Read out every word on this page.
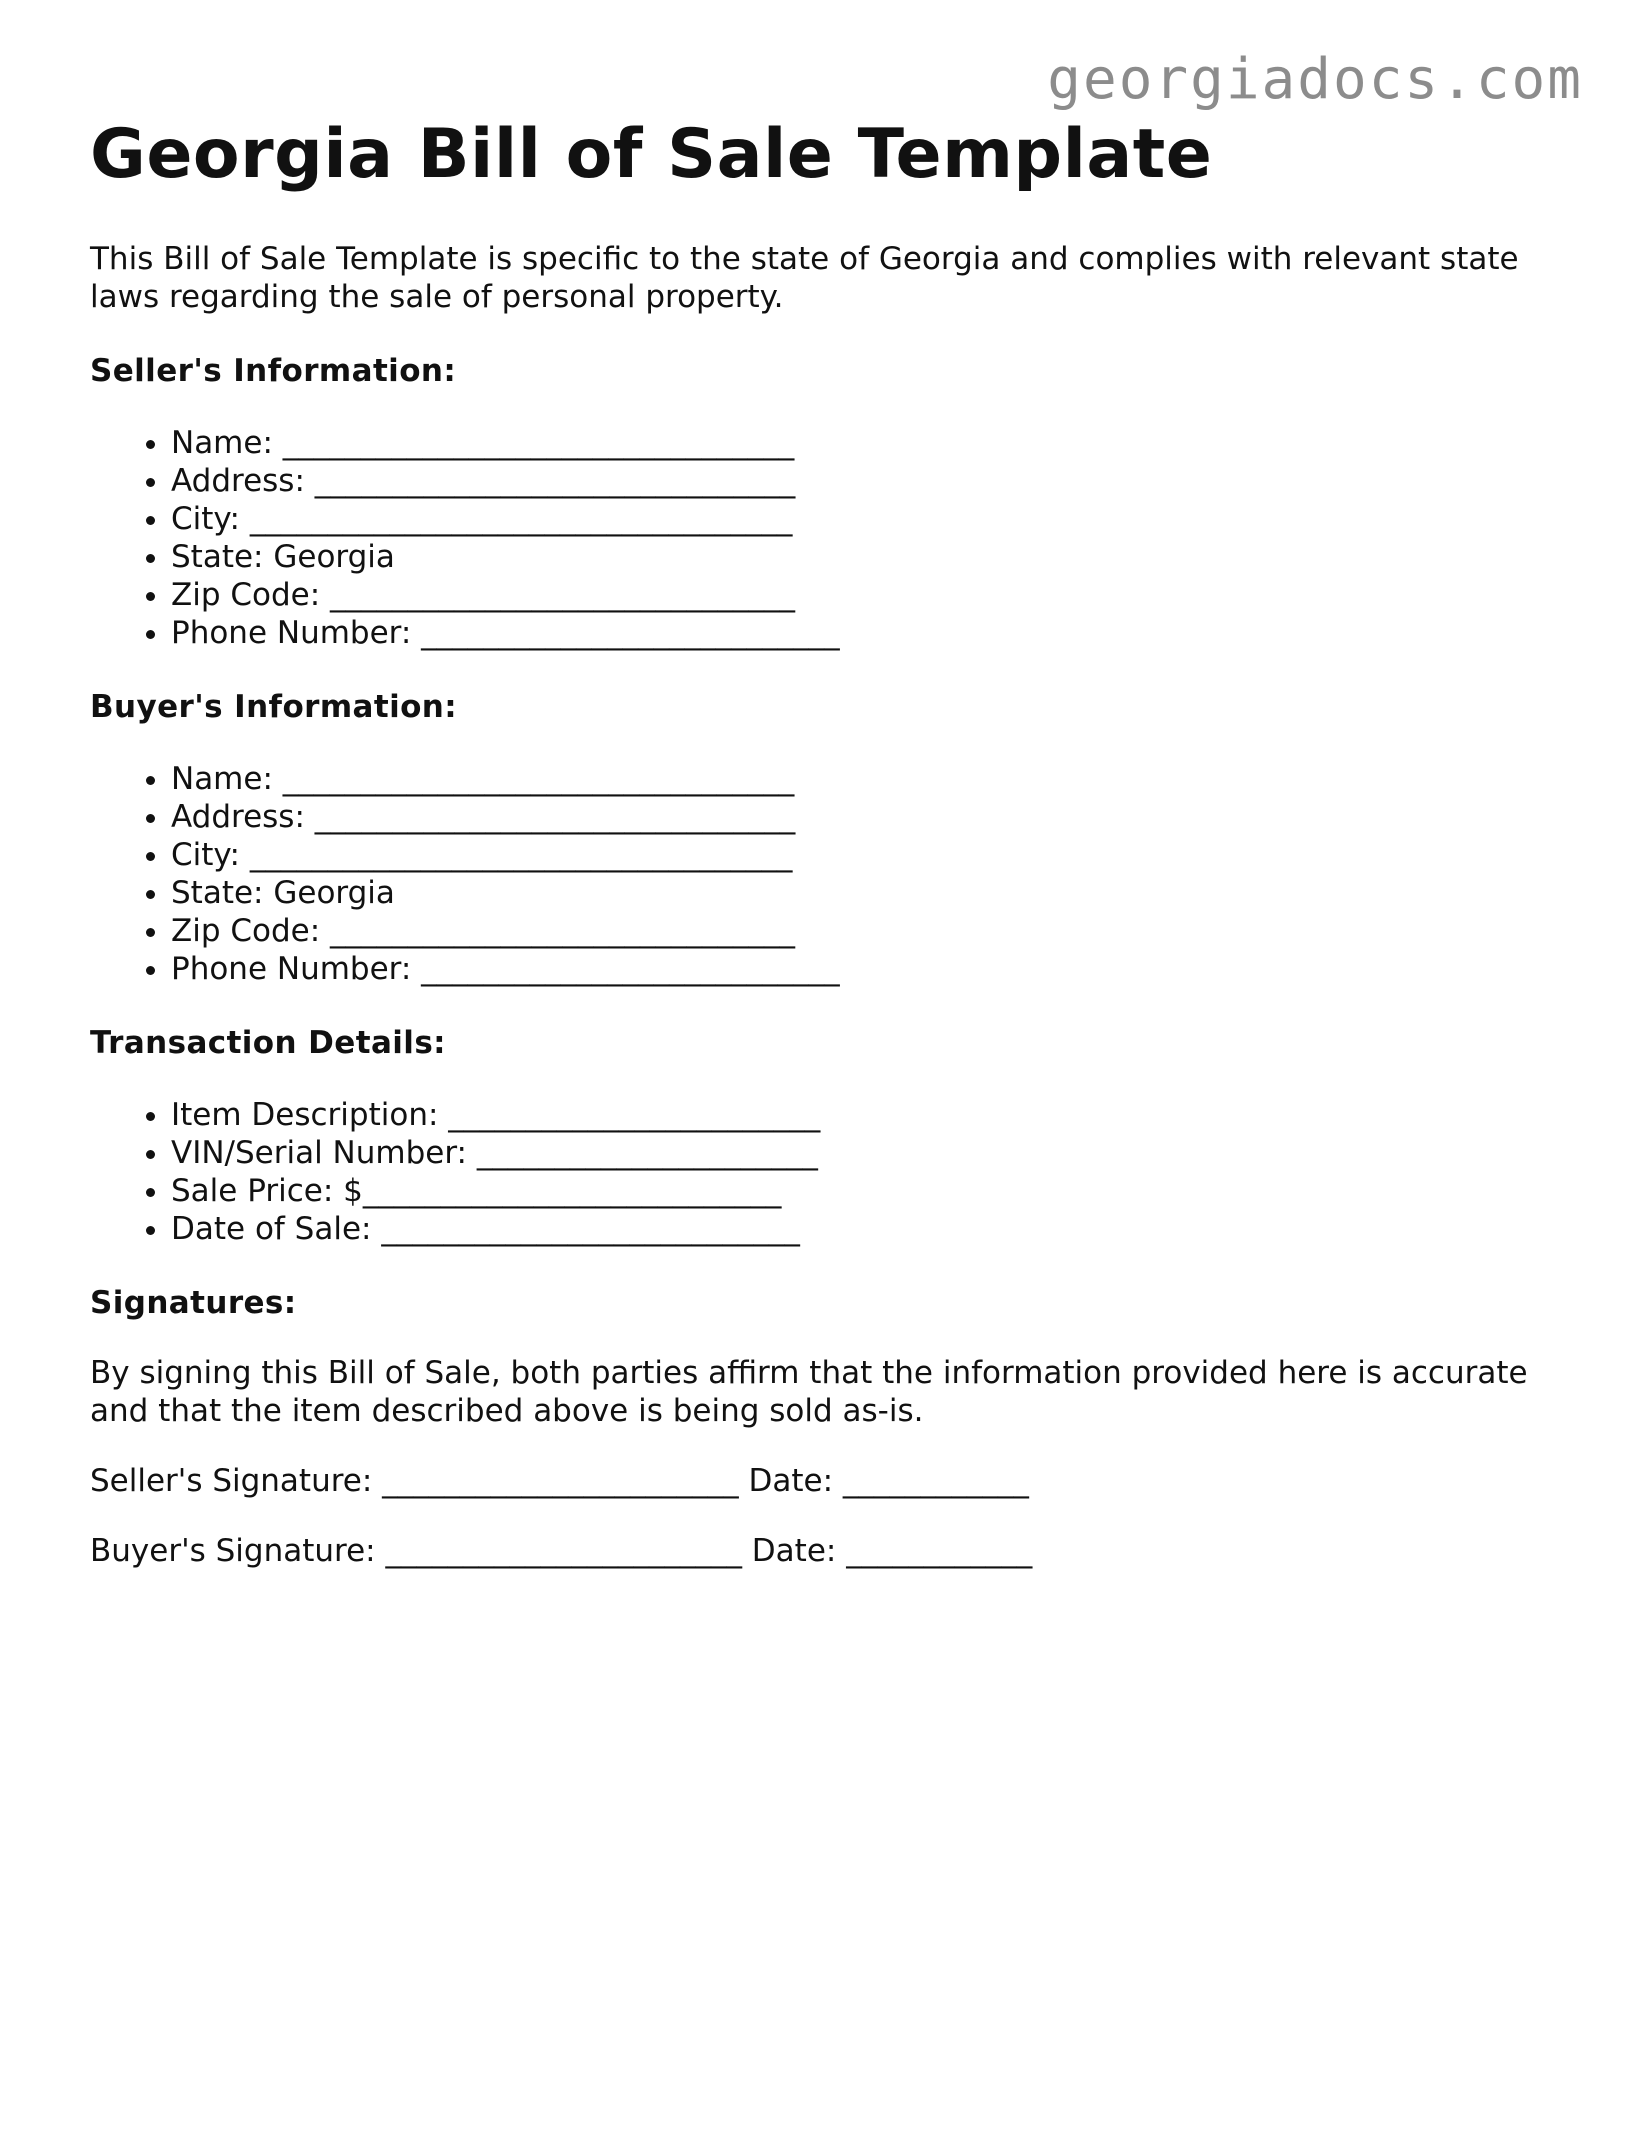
georgiadocs.com
Georgia Bill of Sale Template

This Bill of Sale Template is specific to the state of Georgia and complies with relevant state laws regarding the sale of personal property.

Seller's Information:
• Name: _________________________________
• Address: _______________________________
• City: ___________________________________
• State: Georgia
• Zip Code: ______________________________
• Phone Number: ___________________________
Buyer's Information:
• Name: _________________________________
• Address: _______________________________
• City: ___________________________________
• State: Georgia
• Zip Code: ______________________________
• Phone Number: ___________________________
Transaction Details:
• Item Description: ________________________
• VIN/Serial Number: ______________________
• Sale Price: $___________________________
• Date of Sale: ___________________________
Signatures:

By signing this Bill of Sale, both parties affirm that the information provided here is accurate and that the item described above is being sold as-is.

Seller's Signature: _______________________ Date: ____________

Buyer's Signature: _______________________ Date: ____________
